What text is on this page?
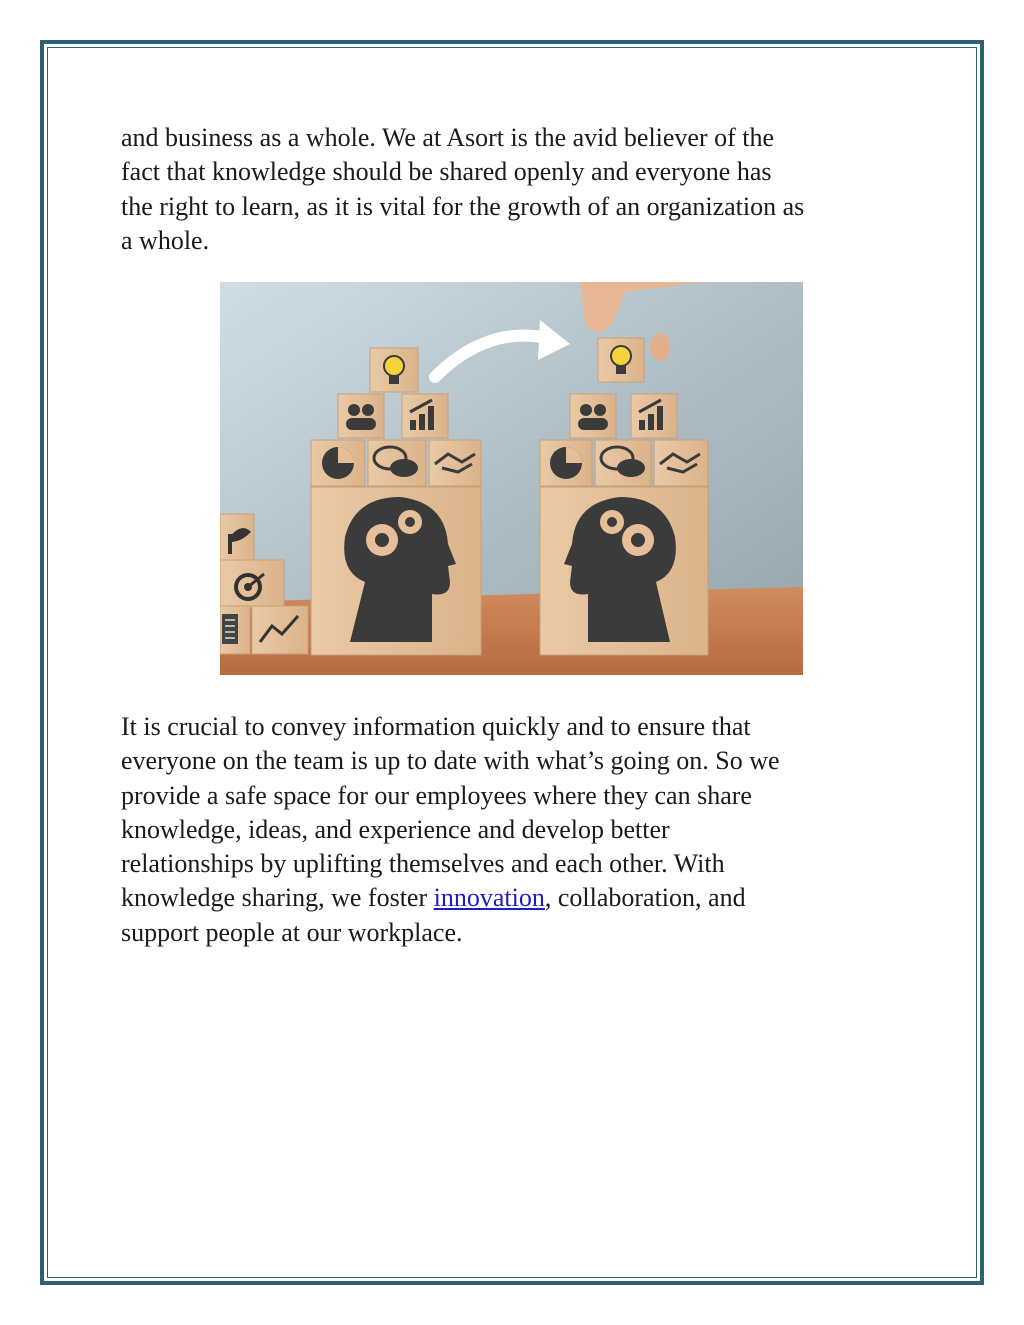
and business as a whole. We at Asort is the avid believer of the
fact that knowledge should be shared openly and everyone has
the right to learn, as it is vital for the growth of an organization as
a whole.

It is crucial to convey information quickly and to ensure that
everyone on the team is up to date with what’s going on. So we
provide a safe space for our employees where they can share
knowledge, ideas, and experience and develop better
relationships by uplifting themselves and each other. With
knowledge sharing, we foster innovation, collaboration, and
support people at our workplace.
